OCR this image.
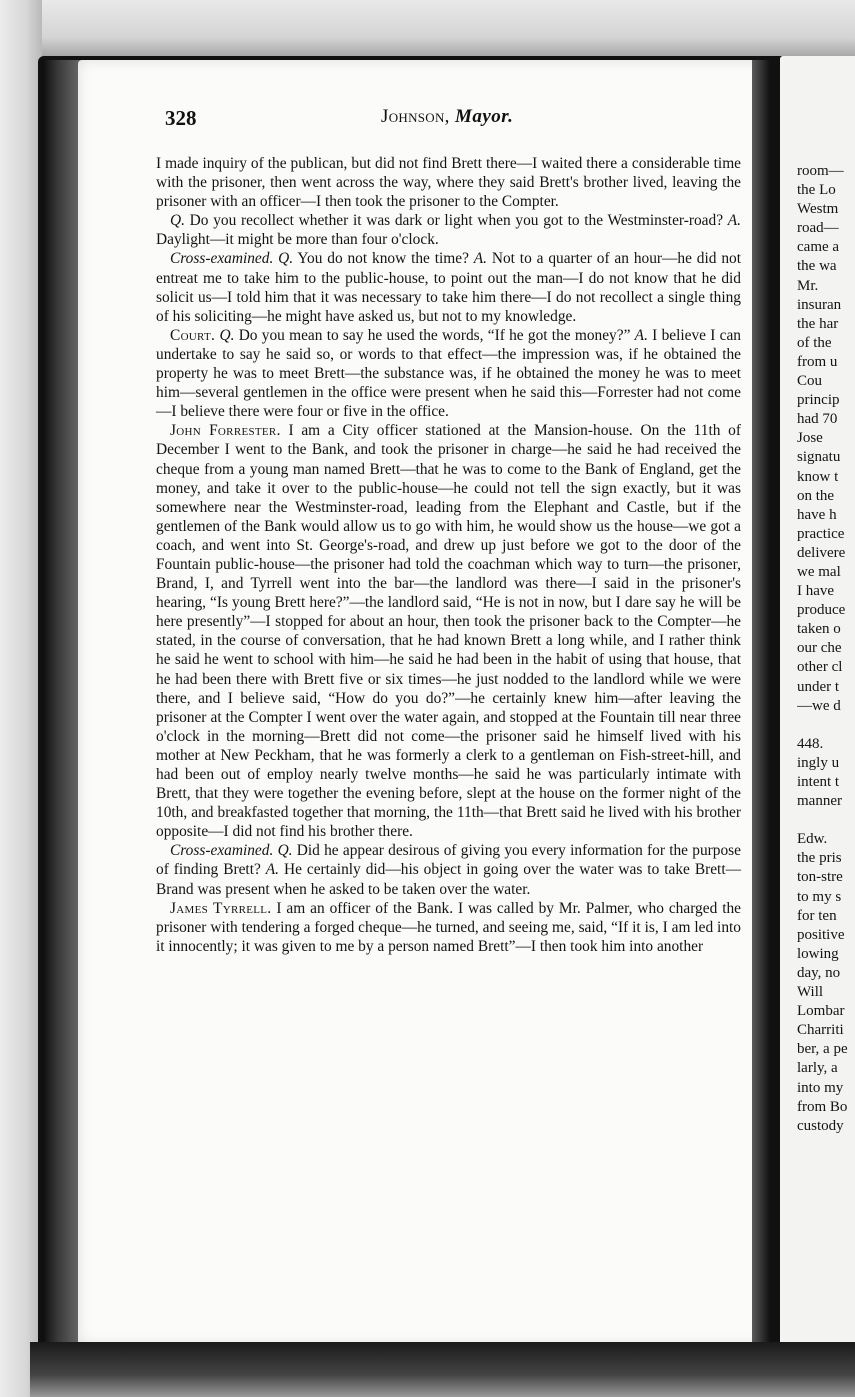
328	Johnson, Mayor.

I made inquiry of the publican, but did not find Brett there—I waited there a considerable time with the prisoner, then went across the way, where they said Brett's brother lived, leaving the prisoner with an officer—I then took the prisoner to the Compter.

Q. Do you recollect whether it was dark or light when you got to the Westminster-road? A. Daylight—it might be more than four o'clock.

Cross-examined. Q. You do not know the time? A. Not to a quarter of an hour—he did not entreat me to take him to the public-house, to point out the man—I do not know that he did solicit us—I told him that it was necessary to take him there—I do not recollect a single thing of his soliciting—he might have asked us, but not to my knowledge.

Court. Q. Do you mean to say he used the words, “If he got the money?” A. I believe I can undertake to say he said so, or words to that effect—the impression was, if he obtained the property he was to meet Brett—the substance was, if he obtained the money he was to meet him—several gentlemen in the office were present when he said this—Forrester had not come—I believe there were four or five in the office.

John Forrester. I am a City officer stationed at the Mansion-house. On the 11th of December I went to the Bank, and took the prisoner in charge—he said he had received the cheque from a young man named Brett—that he was to come to the Bank of England, get the money, and take it over to the public-house—he could not tell the sign exactly, but it was somewhere near the Westminster-road, leading from the Elephant and Castle, but if the gentlemen of the Bank would allow us to go with him, he would show us the house—we got a coach, and went into St. George's-road, and drew up just before we got to the door of the Fountain public-house—the prisoner had told the coachman which way to turn—the prisoner, Brand, I, and Tyrrell went into the bar—the landlord was there—I said in the prisoner's hearing, “Is young Brett here?”—the landlord said, “He is not in now, but I dare say he will be here presently”—I stopped for about an hour, then took the prisoner back to the Compter—he stated, in the course of conversation, that he had known Brett a long while, and I rather think he said he went to school with him—he said he had been in the habit of using that house, that he had been there with Brett five or six times—he just nodded to the landlord while we were there, and I believe said, “How do you do?”—he certainly knew him—after leaving the prisoner at the Compter I went over the water again, and stopped at the Fountain till near three o'clock in the morning—Brett did not come—the prisoner said he himself lived with his mother at New Peckham, that he was formerly a clerk to a gentleman on Fish-street-hill, and had been out of employ nearly twelve months—he said he was particularly intimate with Brett, that they were together the evening before, slept at the house on the former night of the 10th, and breakfasted together that morning, the 11th—that Brett said he lived with his brother opposite—I did not find his brother there.

Cross-examined. Q. Did he appear desirous of giving you every information for the purpose of finding Brett? A. He certainly did—his object in going over the water was to take Brett—Brand was present when he asked to be taken over the water.

James Tyrrell. I am an officer of the Bank. I was called by Mr. Palmer, who charged the prisoner with tendering a forged cheque—he turned, and seeing me, said, “If it is, I am led into it innocently; it was given to me by a person named Brett”—I then took him into another

room—
the Lo
Westm
road—
came a
the wa
Mr.
insuran
the har
of the
from u
Cou
princip
had 70
Jose
signatu
know t
on the
have h
practice
delivere
we mal
I have
produce
taken o
our che
other cl
under t
—we d
448.
ingly u
intent t
manner
Edw.
the pris
ton-stre
to my s
for ten
positive
lowing
day, no
Will
Lombar
Charriti
ber, a pe
larly, a
into my
from Bo
custody
